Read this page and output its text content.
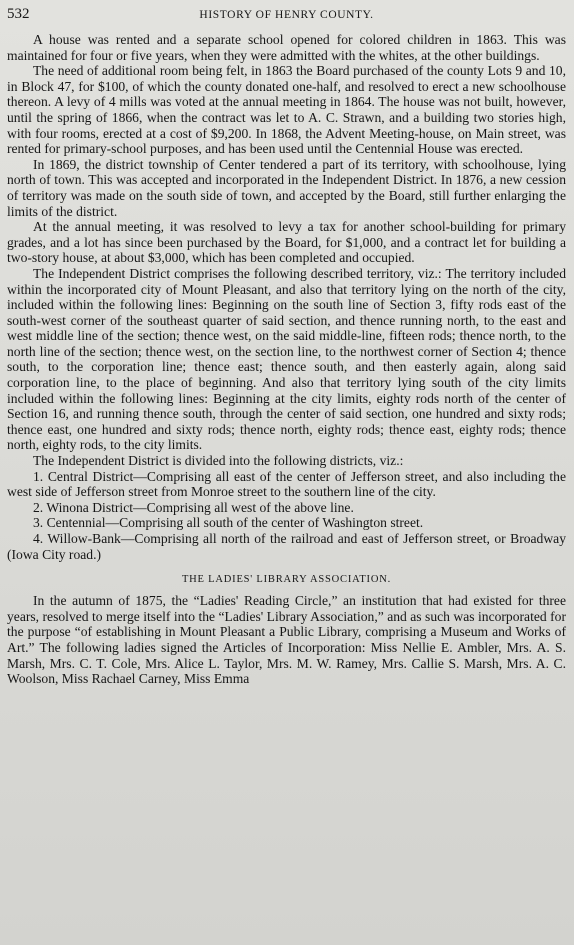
532	HISTORY OF HENRY COUNTY.

A house was rented and a separate school opened for colored children in 1863. This was maintained for four or five years, when they were admitted with the whites, at the other buildings.

The need of additional room being felt, in 1863 the Board purchased of the county Lots 9 and 10, in Block 47, for $100, of which the county donated one-half, and resolved to erect a new schoolhouse thereon. A levy of 4 mills was voted at the annual meeting in 1864. The house was not built, however, until the spring of 1866, when the contract was let to A. C. Strawn, and a building two stories high, with four rooms, erected at a cost of $9,200. In 1868, the Advent Meeting-house, on Main street, was rented for primary-school purposes, and has been used until the Centennial House was erected.

In 1869, the district township of Center tendered a part of its territory, with schoolhouse, lying north of town. This was accepted and incorporated in the Independent District. In 1876, a new cession of territory was made on the south side of town, and accepted by the Board, still further enlarging the limits of the district.

At the annual meeting, it was resolved to levy a tax for another school-building for primary grades, and a lot has since been purchased by the Board, for $1,000, and a contract let for building a two-story house, at about $3,000, which has been completed and occupied.

The Independent District comprises the following described territory, viz.: The territory included within the incorporated city of Mount Pleasant, and also that territory lying on the north of the city, included within the following lines: Beginning on the south line of Section 3, fifty rods east of the south-west corner of the southeast quarter of said section, and thence running north, to the east and west middle line of the section; thence west, on the said middle-line, fifteen rods; thence north, to the north line of the section; thence west, on the section line, to the northwest corner of Section 4; thence south, to the corporation line; thence east; thence south, and then easterly again, along said corporation line, to the place of beginning. And also that territory lying south of the city limits included within the following lines: Beginning at the city limits, eighty rods north of the center of Section 16, and running thence south, through the center of said section, one hundred and sixty rods; thence east, one hundred and sixty rods; thence north, eighty rods; thence east, eighty rods; thence north, eighty rods, to the city limits.

The Independent District is divided into the following districts, viz.:

1. Central District—Comprising all east of the center of Jefferson street, and also including the west side of Jefferson street from Monroe street to the southern line of the city.

2. Winona District—Comprising all west of the above line.

3. Centennial—Comprising all south of the center of Washington street.

4. Willow-Bank—Comprising all north of the railroad and east of Jefferson street, or Broadway (Iowa City road.)

THE LADIES' LIBRARY ASSOCIATION.

In the autumn of 1875, the “Ladies' Reading Circle,” an institution that had existed for three years, resolved to merge itself into the “Ladies' Library Association,” and as such was incorporated for the purpose “of establishing in Mount Pleasant a Public Library, comprising a Museum and Works of Art.” The following ladies signed the Articles of Incorporation: Miss Nellie E. Ambler, Mrs. A. S. Marsh, Mrs. C. T. Cole, Mrs. Alice L. Taylor, Mrs. M. W. Ramey, Mrs. Callie S. Marsh, Mrs. A. C. Woolson, Miss Rachael Carney, Miss Emma
